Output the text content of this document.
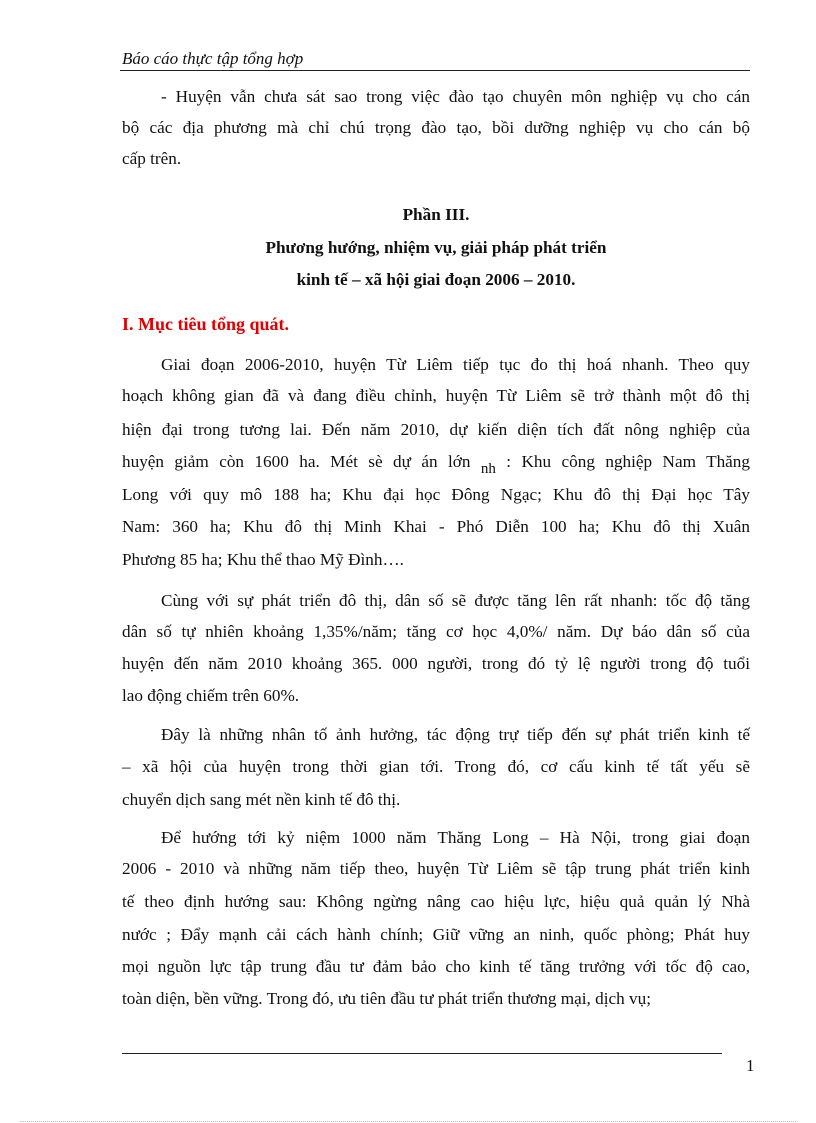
Báo cáo thực tập tổng hợp
- Huyện vẫn chưa sát sao trong việc đào tạo chuyên môn nghiệp vụ cho cán
bộ các địa phương mà chỉ chú trọng đào tạo, bồi dưỡng nghiệp vụ cho cán bộ
cấp trên.
Phần III.
Phương hướng, nhiệm vụ, giải pháp phát triển
kinh tế – xã hội giai đoạn 2006 – 2010.
I. Mục tiêu tổng quát.
Giai đoạn 2006-2010, huyện Từ Liêm tiếp tục đo thị hoá nhanh. Theo quy
hoạch không gian đã và đang điều chỉnh, huyện Từ Liêm sẽ trở thành một đô thị
hiện đại trong tương lai. Đến năm 2010, dự kiến diện tích đất nông nghiệp của
huyện giảm còn 1600 ha. Mét sè dự án lớn nh : Khu công nghiệp Nam Thăng
Long với quy mô 188 ha; Khu đại học Đông Ngạc; Khu đô thị Đại học Tây
Nam: 360 ha; Khu đô thị Minh Khai - Phó Diễn 100 ha; Khu đô thị Xuân
Phương 85 ha; Khu thể thao Mỹ Đình….
Cùng với sự phát triển đô thị, dân số sẽ được tăng lên rất nhanh: tốc độ tăng
dân số tự nhiên khoảng 1,35%/năm; tăng cơ học 4,0%/ năm. Dự báo dân số của
huyện đến năm 2010 khoảng 365. 000 người, trong đó tỷ lệ người trong độ tuổi
lao động chiếm trên 60%.
Đây là những nhân tố ảnh hưởng, tác động trự tiếp đến sự phát triển kinh tế
– xã hội của huyện trong thời gian tới. Trong đó, cơ cấu kinh tế tất yếu sẽ
chuyển dịch sang mét nền kinh tế đô thị.
Để hướng tới kỷ niệm 1000 năm Thăng Long – Hà Nội, trong giai đoạn
2006 - 2010 và những năm tiếp theo, huyện Từ Liêm sẽ tập trung phát triển kinh
tế theo định hướng sau: Không ngừng nâng cao hiệu lực, hiệu quả quản lý Nhà
nước ; Đẩy mạnh cải cách hành chính; Giữ vững an ninh, quốc phòng; Phát huy
mọi nguồn lực tập trung đầu tư đảm bảo cho kinh tế tăng trưởng với tốc độ cao,
toàn diện, bền vững. Trong đó, ưu tiên đầu tư phát triển thương mại, dịch vụ;
1
